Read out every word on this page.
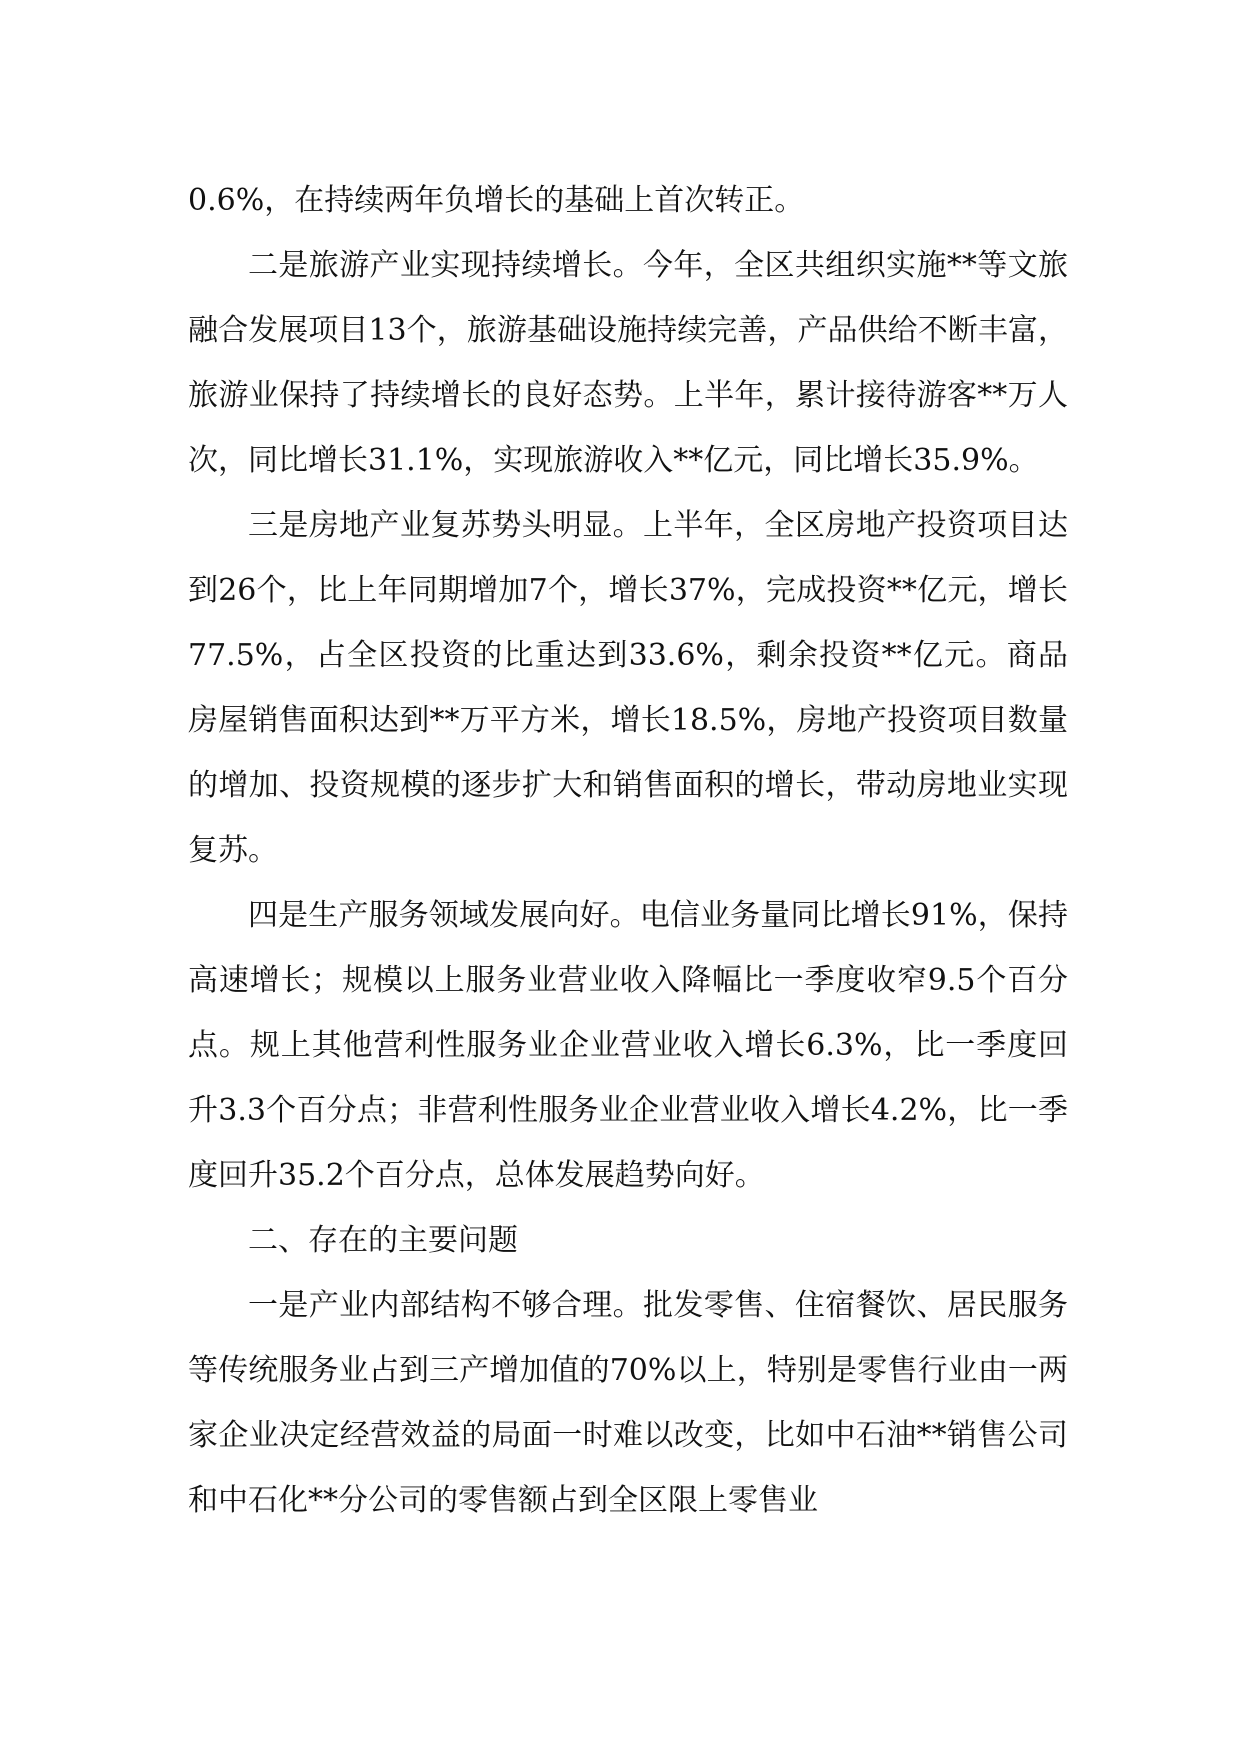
0.6%，在持续两年负增长的基础上首次转正。

二是旅游产业实现持续增长。今年，全区共组织实施**等文旅融合发展项目13个，旅游基础设施持续完善，产品供给不断丰富，旅游业保持了持续增长的良好态势。上半年，累计接待游客**万人次，同比增长31.1%，实现旅游收入**亿元，同比增长35.9%。

三是房地产业复苏势头明显。上半年，全区房地产投资项目达到26个，比上年同期增加7个，增长37%，完成投资**亿元，增长77.5%，占全区投资的比重达到33.6%，剩余投资**亿元。商品房屋销售面积达到**万平方米，增长18.5%，房地产投资项目数量的增加、投资规模的逐步扩大和销售面积的增长，带动房地业实现复苏。

四是生产服务领域发展向好。电信业务量同比增长91%，保持高速增长；规模以上服务业营业收入降幅比一季度收窄9.5个百分点。规上其他营利性服务业企业营业收入增长6.3%，比一季度回升3.3个百分点；非营利性服务业企业营业收入增长4.2%，比一季度回升35.2个百分点，总体发展趋势向好。

二、存在的主要问题

一是产业内部结构不够合理。批发零售、住宿餐饮、居民服务等传统服务业占到三产增加值的70%以上，特别是零售行业由一两家企业决定经营效益的局面一时难以改变，比如中石油**销售公司和中石化**分公司的零售额占到全区限上零售业
